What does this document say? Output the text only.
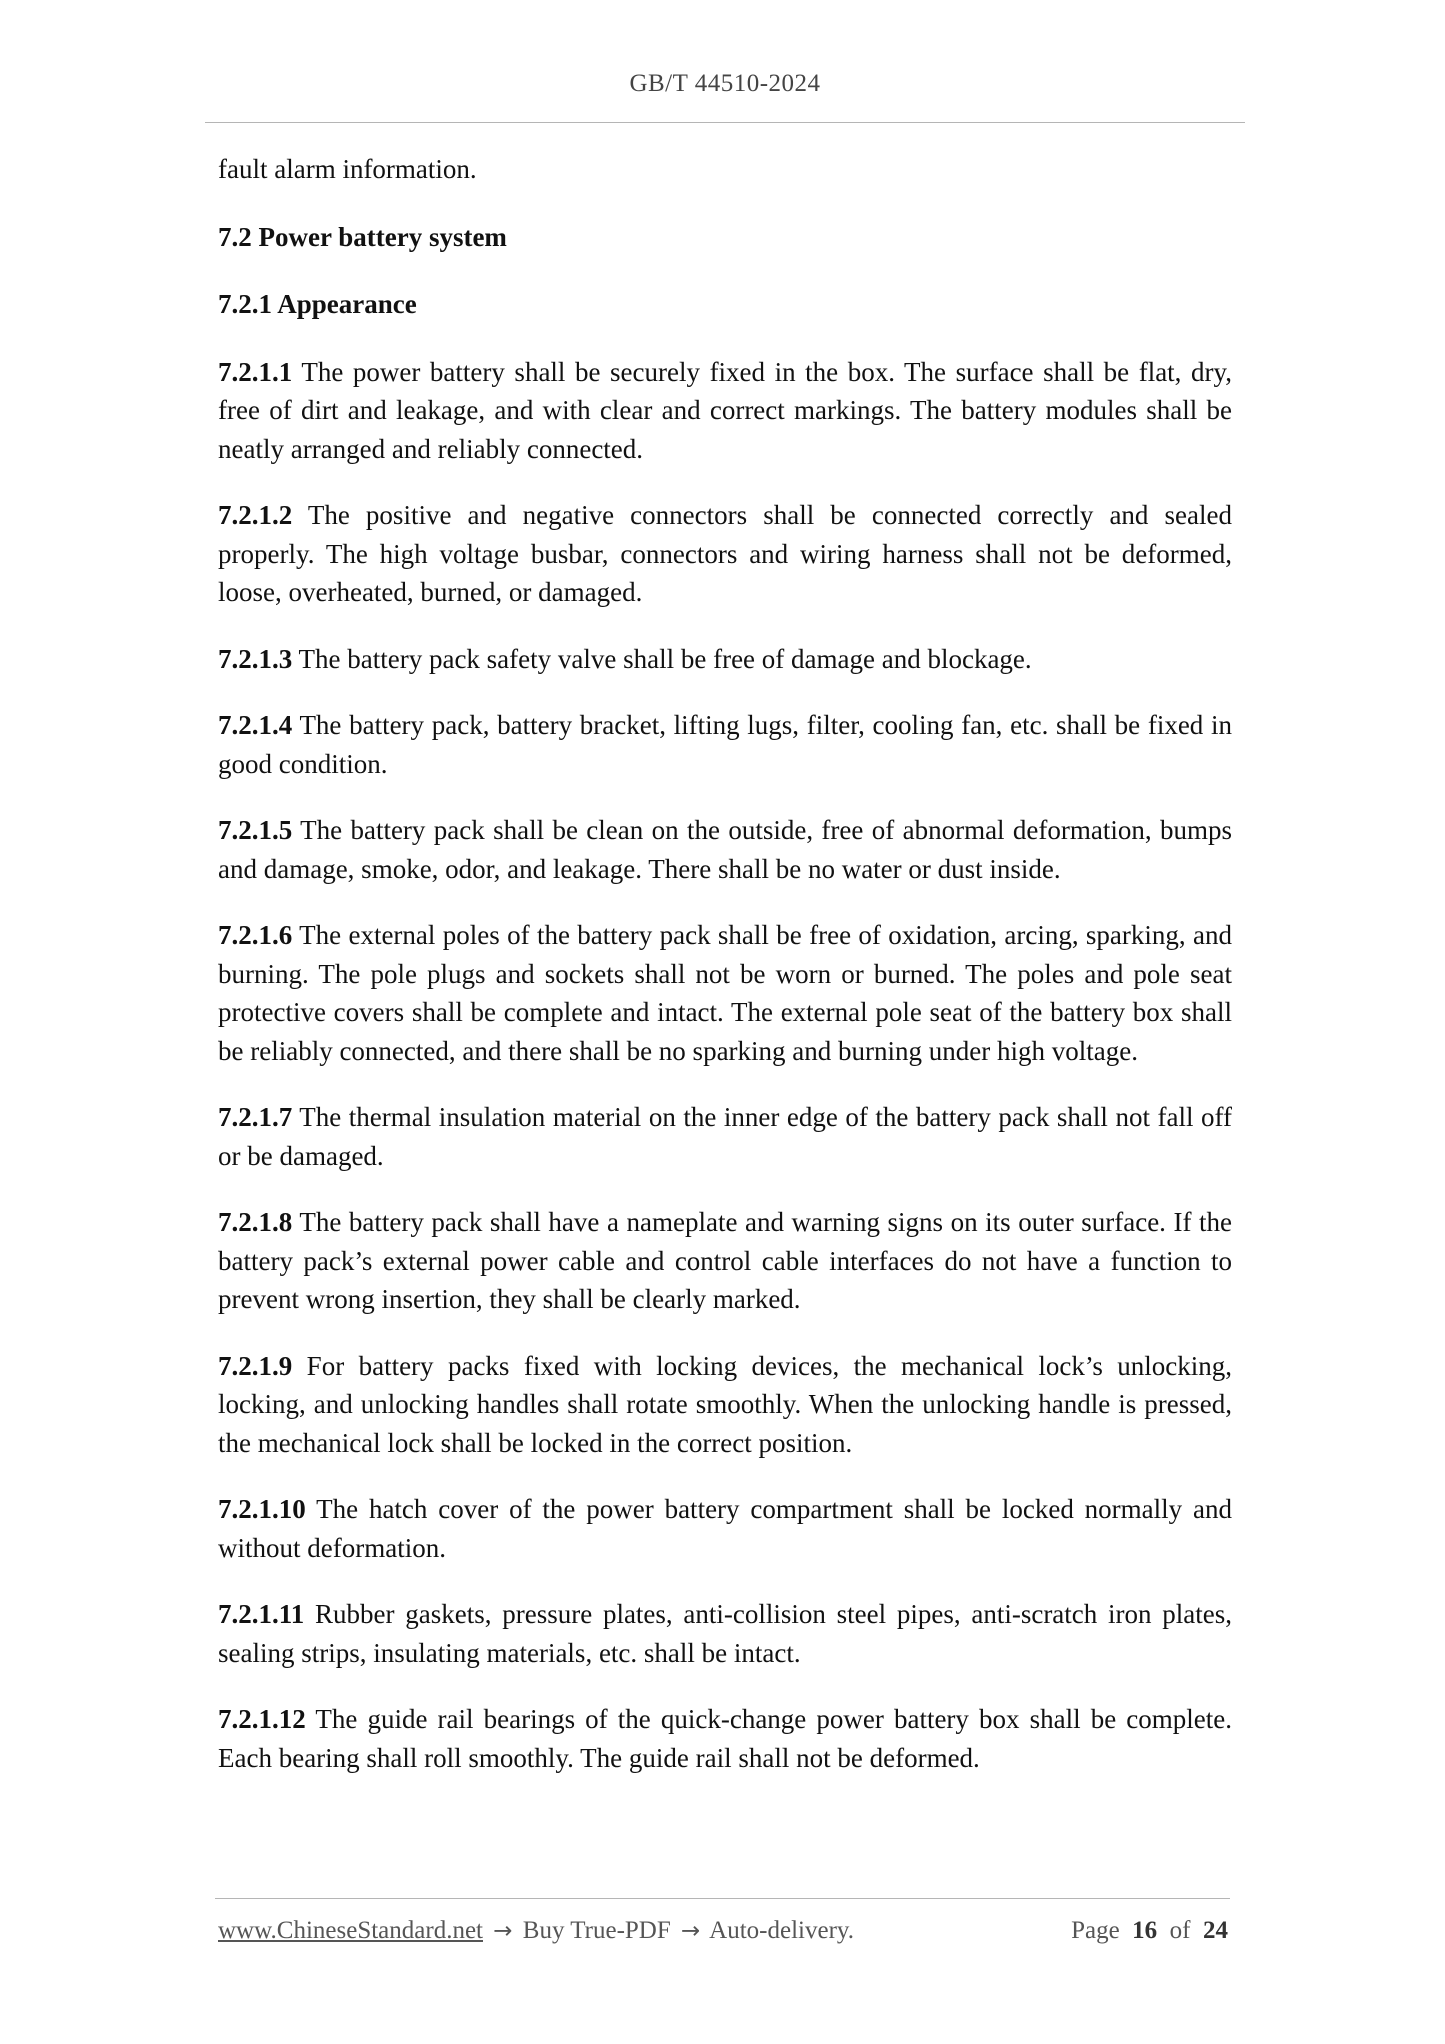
GB/T 44510-2024

fault alarm information.

7.2 Power battery system
7.2.1 Appearance

7.2.1.1 The power battery shall be securely fixed in the box. The surface shall be flat, dry, free of dirt and leakage, and with clear and correct markings. The battery modules shall be neatly arranged and reliably connected.

7.2.1.2 The positive and negative connectors shall be connected correctly and sealed properly. The high voltage busbar, connectors and wiring harness shall not be deformed, loose, overheated, burned, or damaged.

7.2.1.3 The battery pack safety valve shall be free of damage and blockage.

7.2.1.4 The battery pack, battery bracket, lifting lugs, filter, cooling fan, etc. shall be fixed in good condition.

7.2.1.5 The battery pack shall be clean on the outside, free of abnormal deformation, bumps and damage, smoke, odor, and leakage. There shall be no water or dust inside.

7.2.1.6 The external poles of the battery pack shall be free of oxidation, arcing, sparking, and burning. The pole plugs and sockets shall not be worn or burned. The poles and pole seat protective covers shall be complete and intact. The external pole seat of the battery box shall be reliably connected, and there shall be no sparking and burning under high voltage.

7.2.1.7 The thermal insulation material on the inner edge of the battery pack shall not fall off or be damaged.

7.2.1.8 The battery pack shall have a nameplate and warning signs on its outer surface. If the battery pack’s external power cable and control cable interfaces do not have a function to prevent wrong insertion, they shall be clearly marked.

7.2.1.9 For battery packs fixed with locking devices, the mechanical lock’s unlocking, locking, and unlocking handles shall rotate smoothly. When the unlocking handle is pressed, the mechanical lock shall be locked in the correct position.

7.2.1.10 The hatch cover of the power battery compartment shall be locked normally and without deformation.

7.2.1.11 Rubber gaskets, pressure plates, anti-collision steel pipes, anti-scratch iron plates, sealing strips, insulating materials, etc. shall be intact.

7.2.1.12 The guide rail bearings of the quick-change power battery box shall be complete. Each bearing shall roll smoothly. The guide rail shall not be deformed.

www.ChineseStandard.net → Buy True-PDF → Auto-delivery.	Page 16 of 24
